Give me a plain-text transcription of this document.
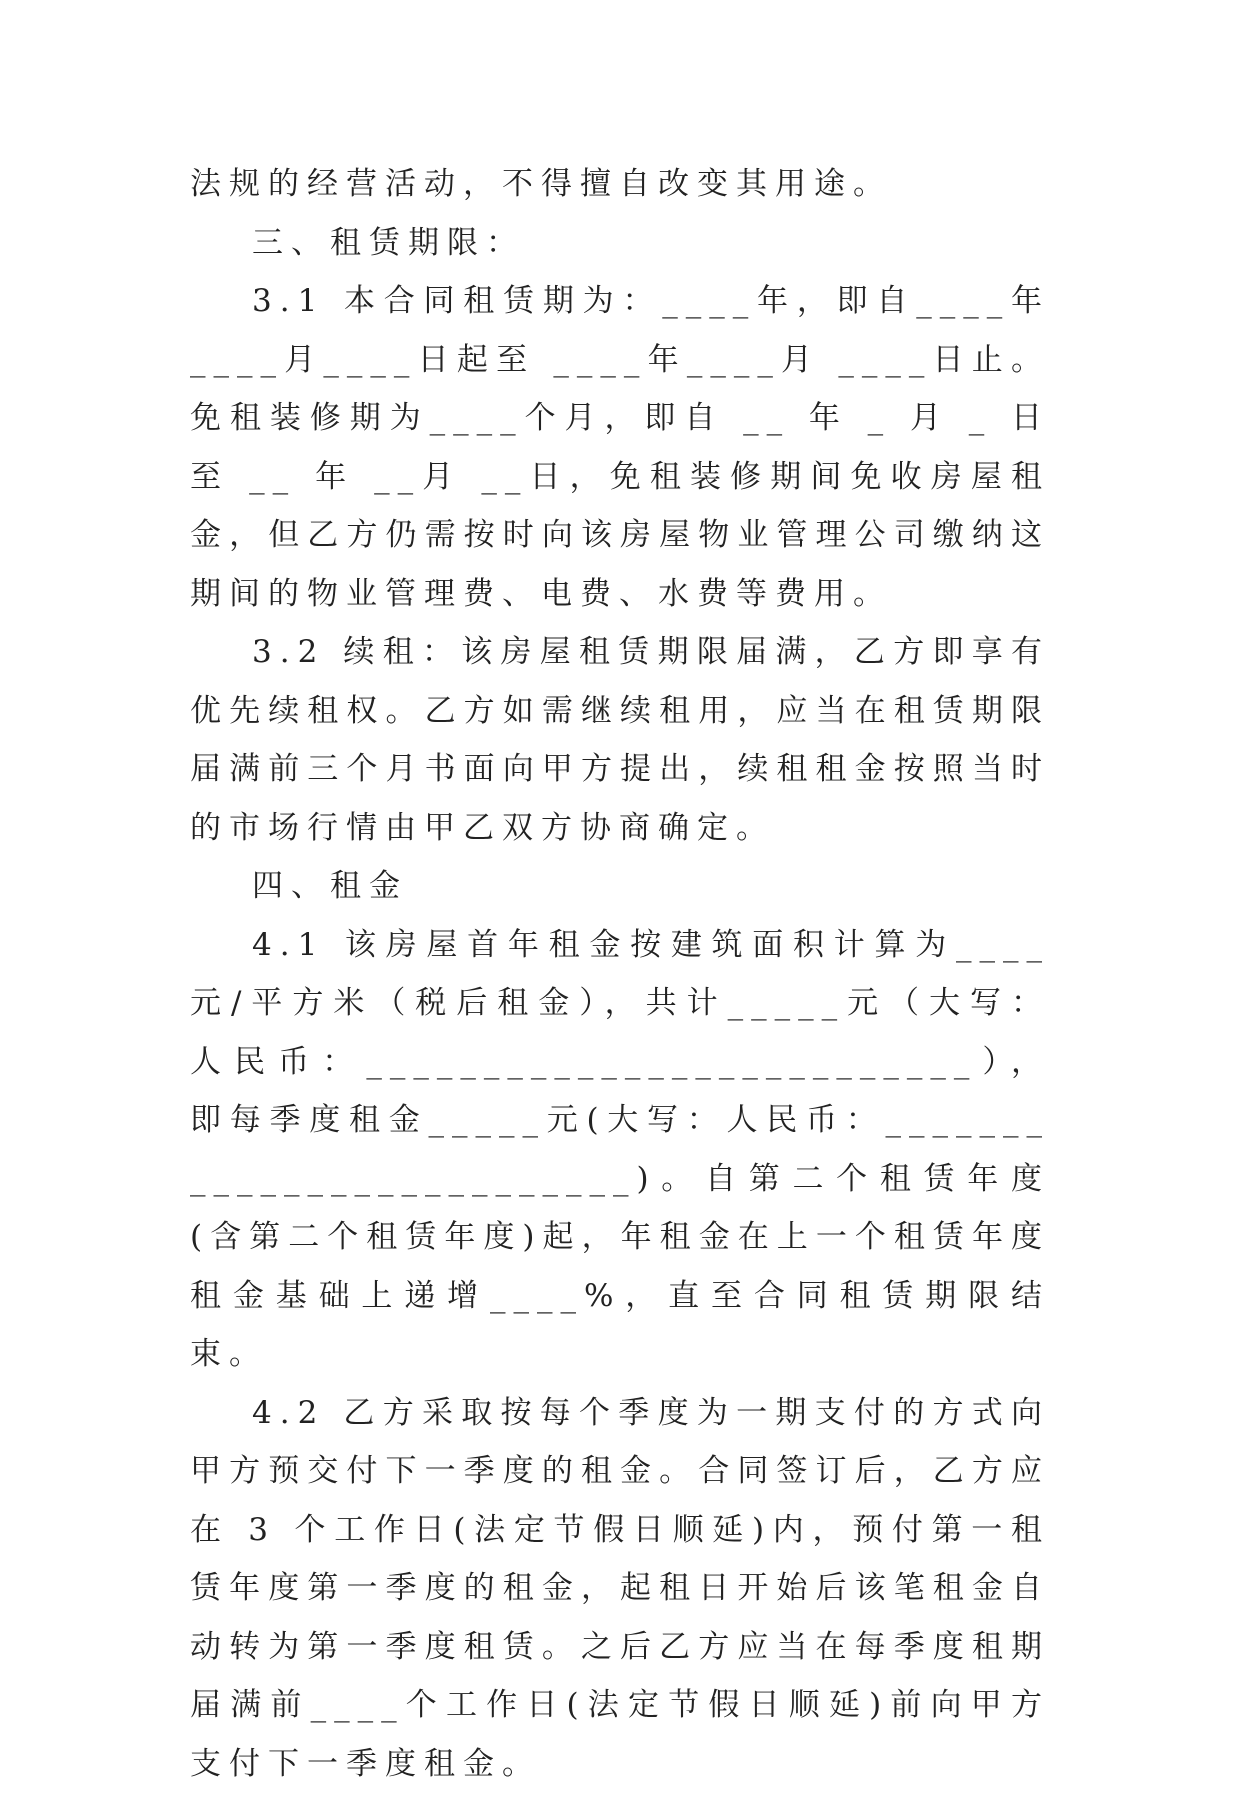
法规的经营活动，不得擅自改变其用途。

三、租赁期限：

3.1 本合同租赁期为：____年，即自____年____月____日起至 ____年____月 ____日止。免租装修期为____个月，即自 __ 年 _ 月 _ 日至 __ 年 __月 __日，免租装修期间免收房屋租金，但乙方仍需按时向该房屋物业管理公司缴纳这期间的物业管理费、电费、水费等费用。

3.2 续租：该房屋租赁期限届满，乙方即享有优先续租权。乙方如需继续租用，应当在租赁期限届满前三个月书面向甲方提出，续租租金按照当时的市场行情由甲乙双方协商确定。

四、租金

4.1 该房屋首年租金按建筑面积计算为____元/平方米（税后租金），共计_____元（大写：人民币：__________________________），即每季度租金_____元(大写：人民币：__________________________)。自第二个租赁年度(含第二个租赁年度)起，年租金在上一个租赁年度租金基础上递增____%，直至合同租赁期限结束。

4.2 乙方采取按每个季度为一期支付的方式向甲方预交付下一季度的租金。合同签订后，乙方应在 3 个工作日(法定节假日顺延)内，预付第一租赁年度第一季度的租金，起租日开始后该笔租金自动转为第一季度租赁。之后乙方应当在每季度租期届满前____个工作日(法定节假日顺延)前向甲方支付下一季度租金。
